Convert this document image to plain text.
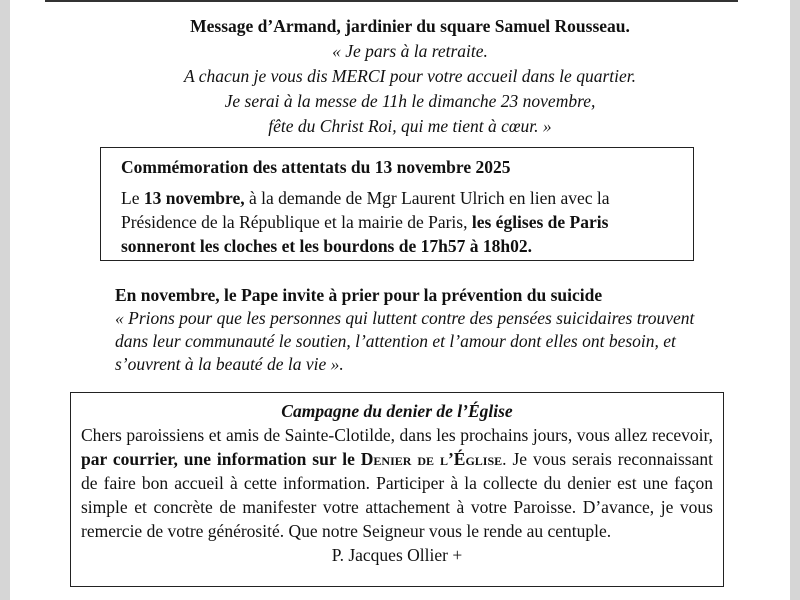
Message d’Armand, jardinier du square Samuel Rousseau.
« Je pars à la retraite.
A chacun je vous dis MERCI pour votre accueil dans le quartier.
Je serai à la messe de 11h le dimanche 23 novembre,
fête du Christ Roi, qui me tient à cœur. »
Commémoration des attentats du 13 novembre 2025
Le 13 novembre, à la demande de Mgr Laurent Ulrich en lien avec la Présidence de la République et la mairie de Paris, les églises de Paris sonneront les cloches et les bourdons de 17h57 à 18h02.
En novembre, le Pape invite à prier pour la prévention du suicide
« Prions pour que les personnes qui luttent contre des pensées suicidaires trouvent dans leur communauté le soutien, l’attention et l’amour dont elles ont besoin, et s’ouvrent à la beauté de la vie ».
Campagne du denier de l’Église
Chers paroissiens et amis de Sainte-Clotilde, dans les prochains jours, vous allez recevoir, par courrier, une information sur le Denier de l’Église. Je vous serais reconnaissant de faire bon accueil à cette information. Participer à la collecte du denier est une façon simple et concrète de manifester votre attachement à votre Paroisse. D’avance, je vous remercie de votre générosité. Que notre Seigneur vous le rende au centuple.
P. Jacques Ollier +
